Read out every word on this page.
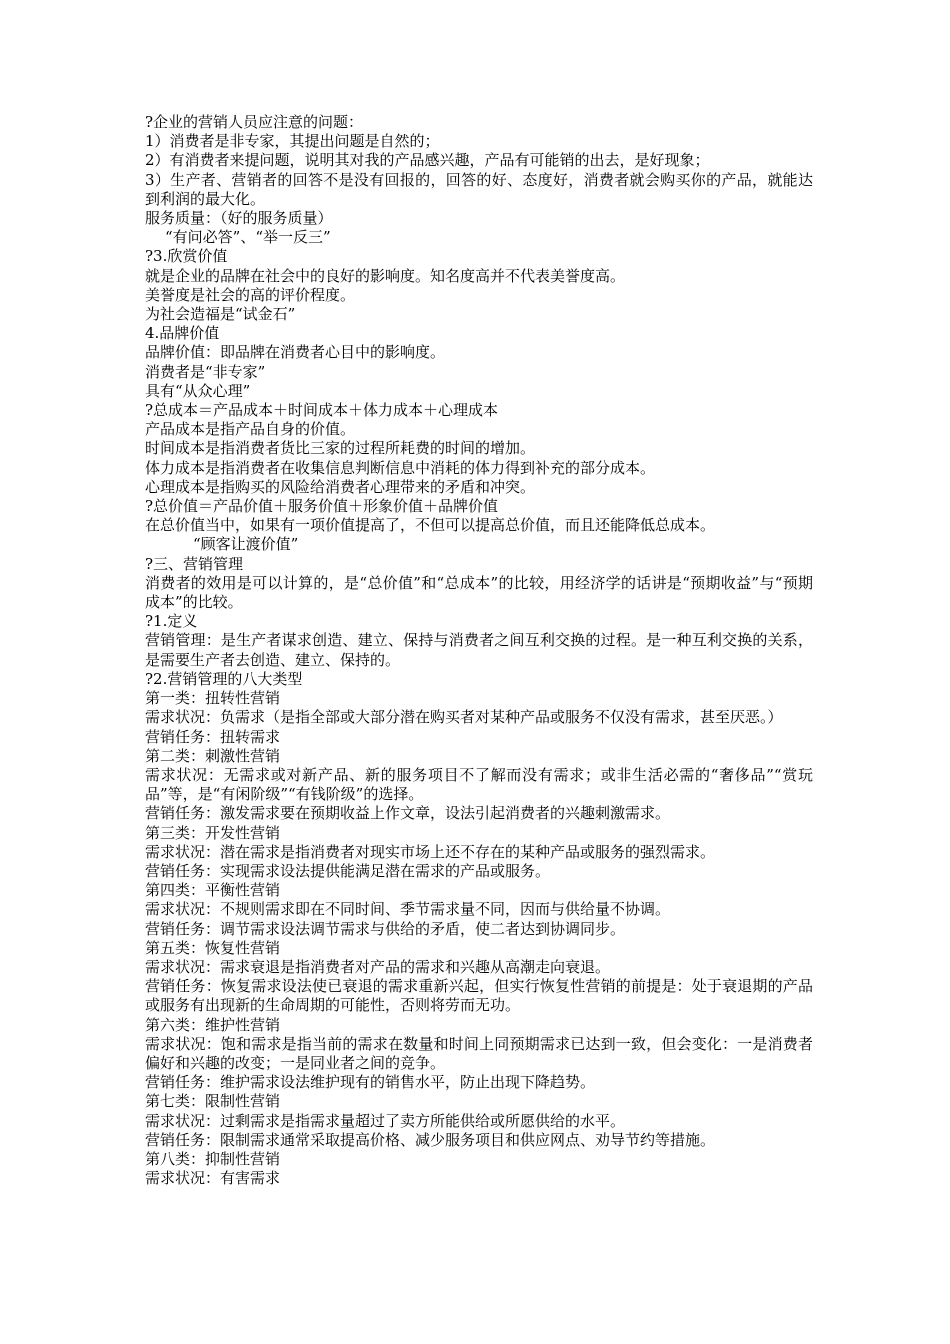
?企业的营销人员应注意的问题：

1）消费者是非专家，其提出问题是自然的；

2）有消费者来提问题，说明其对我的产品感兴趣，产品有可能销的出去，是好现象；

3）生产者、营销者的回答不是没有回报的，回答的好、态度好，消费者就会购买你的产品，就能达到利润的最大化。

服务质量：（好的服务质量）

“有问必答”、“举一反三”

?3.欣赏价值

就是企业的品牌在社会中的良好的影响度。知名度高并不代表美誉度高。

美誉度是社会的高的评价程度。

为社会造福是“试金石”

4.品牌价值

品牌价值：即品牌在消费者心目中的影响度。

消费者是“非专家”

具有“从众心理”

?总成本＝产品成本＋时间成本＋体力成本＋心理成本

产品成本是指产品自身的价值。

时间成本是指消费者货比三家的过程所耗费的时间的增加。

体力成本是指消费者在收集信息判断信息中消耗的体力得到补充的部分成本。

心理成本是指购买的风险给消费者心理带来的矛盾和冲突。

?总价值＝产品价值＋服务价值＋形象价值＋品牌价值

在总价值当中，如果有一项价值提高了，不但可以提高总价值，而且还能降低总成本。

“顾客让渡价值”

?三、营销管理

消费者的效用是可以计算的，是“总价值”和“总成本”的比较，用经济学的话讲是“预期收益”与“预期成本”的比较。

?1.定义

营销管理：是生产者谋求创造、建立、保持与消费者之间互利交换的过程。是一种互利交换的关系，是需要生产者去创造、建立、保持的。

?2.营销管理的八大类型

第一类：扭转性营销

需求状况：负需求（是指全部或大部分潜在购买者对某种产品或服务不仅没有需求，甚至厌恶。）

营销任务：扭转需求

第二类：刺激性营销

需求状况：无需求或对新产品、新的服务项目不了解而没有需求；或非生活必需的“奢侈品”“赏玩品”等，是“有闲阶级”“有钱阶级”的选择。

营销任务：激发需求要在预期收益上作文章，设法引起消费者的兴趣刺激需求。

第三类：开发性营销

需求状况：潜在需求是指消费者对现实市场上还不存在的某种产品或服务的强烈需求。

营销任务：实现需求设法提供能满足潜在需求的产品或服务。

第四类：平衡性营销

需求状况：不规则需求即在不同时间、季节需求量不同，因而与供给量不协调。

营销任务：调节需求设法调节需求与供给的矛盾，使二者达到协调同步。

第五类：恢复性营销

需求状况：需求衰退是指消费者对产品的需求和兴趣从高潮走向衰退。

营销任务：恢复需求设法使已衰退的需求重新兴起，但实行恢复性营销的前提是：处于衰退期的产品或服务有出现新的生命周期的可能性，否则将劳而无功。

第六类：维护性营销

需求状况：饱和需求是指当前的需求在数量和时间上同预期需求已达到一致，但会变化：一是消费者偏好和兴趣的改变；一是同业者之间的竞争。

营销任务：维护需求设法维护现有的销售水平，防止出现下降趋势。

第七类：限制性营销

需求状况：过剩需求是指需求量超过了卖方所能供给或所愿供给的水平。

营销任务：限制需求通常采取提高价格、减少服务项目和供应网点、劝导节约等措施。

第八类：抑制性营销

需求状况：有害需求
